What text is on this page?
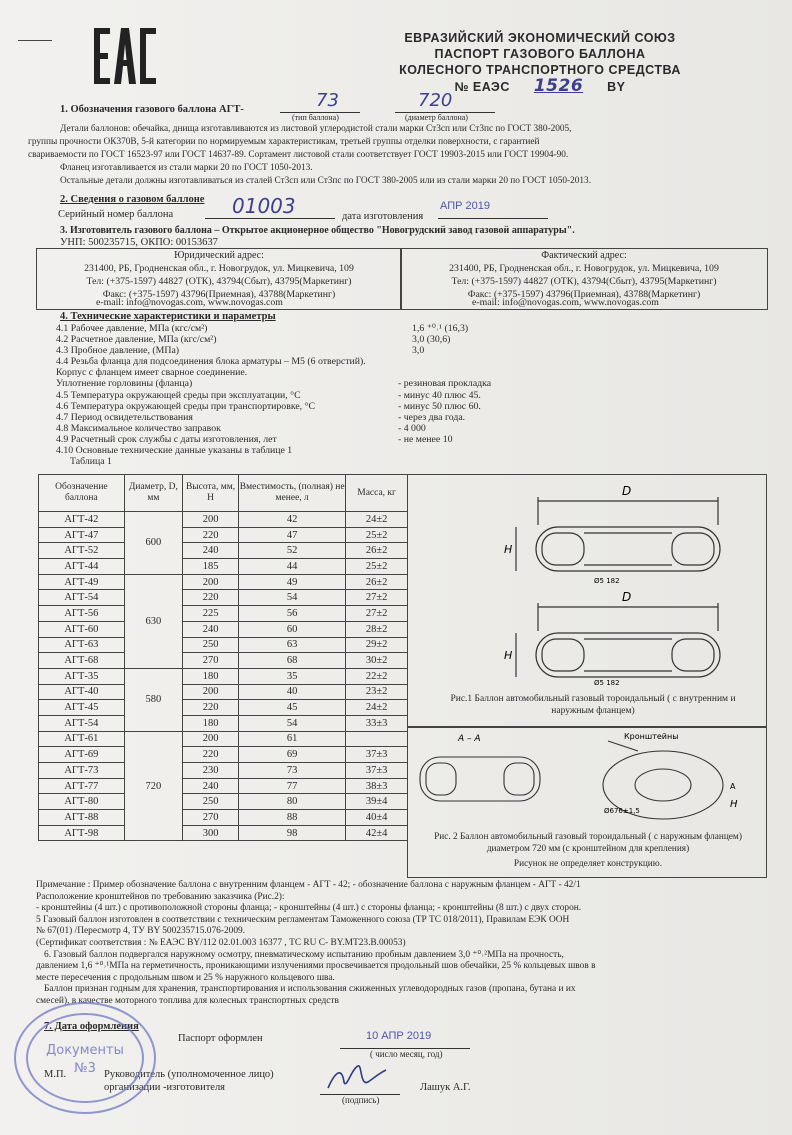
ЕВРАЗИЙСКИЙ ЭКОНОМИЧЕСКИЙ СОЮЗ
ПАСПОРТ ГАЗОВОГО БАЛЛОНА
КОЛЕСНОГО ТРАНСПОРТНОГО СРЕДСТВА
№ ЕАЭС 1526 BY
1. Обозначения газового баллона АГТ-	73
(тип баллона)
720
(диаметр баллона)
Детали баллонов: обечайка, днища изготавливаются из листовой углеродистой стали марки Ст3сп или Ст3пс по ГОСТ 380-2005,
группы прочности ОК370В, 5-й категории по нормируемым характеристикам, третьей группы отделки поверхности, с гарантией
свариваемости по ГОСТ 16523-97 или ГОСТ 14637-89. Сортамент листовой стали соответствует ГОСТ 19903-2015 или ГОСТ 19904-90.
Фланец изготавливается из стали марки 20 по ГОСТ 1050-2013.
Остальные детали должны изготавливаться из сталей Ст3сп или Ст3пс по ГОСТ 380-2005 или из стали марки 20 по ГОСТ 1050-2013.
2. Сведения о газовом баллоне
Серийный номер баллона	01003	дата изготовления
АПР 2019
3. Изготовитель газового баллона – Открытое акционерное общество "Новогрудский завод газовой аппаратуры".
УНП: 500235715, ОКПО: 00153637
Юридический адрес:
231400, РБ, Гродненская обл., г. Новогрудок, ул. Мицкевича, 109
Тел: (+375-1597) 44827 (ОТК), 43794(Сбыт), 43795(Маркетинг)
Факс: (+375-1597) 43796(Приемная), 43788(Маркетинг)
e-mail: info@novogas.com, www.novogas.com
Фактический адрес:
231400, РБ, Гродненская обл., г. Новогрудок, ул. Мицкевича, 109
Тел: (+375-1597) 44827 (ОТК), 43794(Сбыт), 43795(Маркетинг)
Факс: (+375-1597) 43796(Приемная), 43788(Маркетинг)
e-mail: info@novogas.com, www.novogas.com
4. Технические характеристики и параметры
4.1 Рабочее давление, МПа (кгс/см²)	1,6 ⁺⁰˒¹ (16,3)
4.2 Расчетное давление, МПа (кгс/см²)	3,0 (30,6)
4.3 Пробное давление, (МПа)	3,0
4.4 Резьба фланца для подсоединения блока арматуры – М5 (6 отверстий).
Корпус с фланцем имеет сварное соединение.
Уплотнение горловины (фланца)	- резиновая прокладка
4.5 Температура окружающей среды при эксплуатации, °С	- минус 40 плюс 45.
4.6 Температура окружающей среды при транспортировке, °С	- минус 50 плюс 60.
4.7 Период освидетельствования	- через два года.
4.8 Максимальное количество заправок	- 4 000
4.9 Расчетный срок службы с даты изготовления, лет	- не менее 10
4.10 Основные технические данные указаны в таблице 1
Таблица 1
Обозначение баллона	Диаметр, D, мм	Высота, мм, Н	Вместимость, (полная) не менее, л	Масса, кг
АГТ-42	600	200	42	24±2
АГТ-47		220	47	25±2
АГТ-52		240	52	26±2
АГТ-44		185	44	25±2
АГТ-49	630	200	49	26±2
АГТ-54		220	54	27±2
АГТ-56		225	56	27±2
АГТ-60		240	60	28±2
АГТ-63		250	63	29±2
АГТ-68		270	68	30±2
АГТ-35	580	180	35	22±2
АГТ-40		200	40	23±2
АГТ-45		220	45	24±2
АГТ-54		180	54	33±3
АГТ-61	720	200	61	
АГТ-69		220	69	37±3
АГТ-73		230	73	37±3
АГТ-77		240	77	38±3
АГТ-80		250	80	39±4
АГТ-88		270	88	40±4
АГТ-98		300	98	42±4
D
D
H
H
Ø5 182
Ø5 182
Рис.1 Баллон автомобильный газовый тороидальный ( с внутренним и наружным фланцем)
А – А	Кронштейны
Ø676±1,5
А
H
Рис. 2 Баллон автомобильный газовый тороидальный ( с наружным фланцем) диаметром 720 мм (с кронштейном для крепления)
Рисунок не определяет конструкцию.
Примечание : Пример обозначение баллона с внутренним фланцем - АГТ - 42; - обозначение баллона с наружным фланцем - АГТ - 42/1
Расположение кронштейнов по требованию заказчика (Рис.2):
- кронштейны (4 шт.) с противоположной стороны фланца; - кронштейны (4 шт.) с стороны фланца; - кронштейны (8 шт.) с двух сторон.
5 Газовый баллон изготовлен в соответствии с техническим регламентам Таможенного союза (ТР ТС 018/2011), Правилам ЕЭК ООН
№ 67(01) /Пересмотр 4, ТУ BY 500235715.076-2009.
(Сертификат соответствия : № ЕАЭС BY/112 02.01.003 16377 , ТС RU С- BY.МТ23.В.00053)
6. Газовый баллон подвергался наружному осмотру, пневматическому испытанию пробным давлением 3,0 ⁺⁰˒²МПа на прочность,
давлением 1,6 ⁺⁰˒¹МПа на герметичность, проникающими излучениями просвечивается продольный шов обечайки, 25 % кольцевых швов в
месте пересечения с продольным швом и 25 % наружного кольцевого шва.
Баллон признан годным для хранения, транспортирования и использования сжиженных углеводородных газов (пропана, бутана и их
смесей), в качестве моторного топлива для колесных транспортных средств
7. Дата оформления
Паспорт оформлен	10 АПР 2019
( число месяц, год)
М.П.	Руководитель (уполномоченное лицо)
организации -изготовителя
(подпись)
Лашук А.Г.
Документы
№3
